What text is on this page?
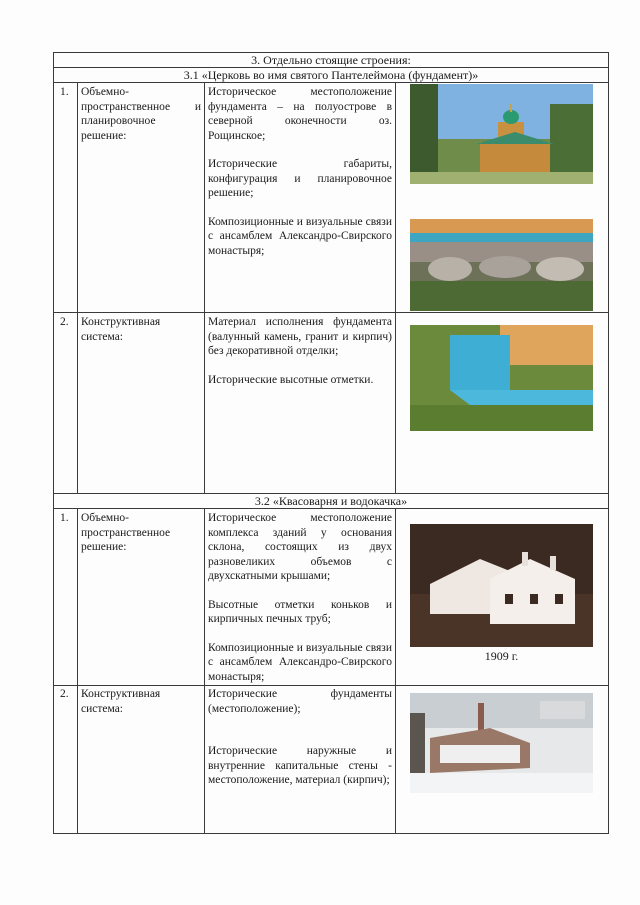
3. Отдельно стоящие строения:
3.1 «Церковь во имя святого Пантелеймона (фундамент)»
1.	Объемно-пространственное и планировочное решение:

Историческое местоположение фундамента – на полуострове в северной оконечности оз. Рощинское;

Исторические габариты, конфигурация и планировочное решение;

Композиционные и визуальные связи с ансамблем Александро-Свирского монастыря;

2.	Конструктивная система:

Материал исполнения фундамента (валунный камень, гранит и кирпич) без декоративной отделки;

Исторические высотные отметки.

3.2 «Квасоварня и водокачка»
1.	Объемно-пространственное решение:

Историческое местоположение комплекса зданий у основания склона, состоящих из двух разновеликих объемов с двухскатными крышами;

Высотные отметки коньков и кирпичных печных труб;

Композиционные и визуальные связи с ансамблем Александро-Свирского монастыря;

1909 г.
2.	Конструктивная система:

Исторические фундаменты (местоположение);

Исторические наружные и внутренние капитальные стены - местоположение, материал (кирпич);
